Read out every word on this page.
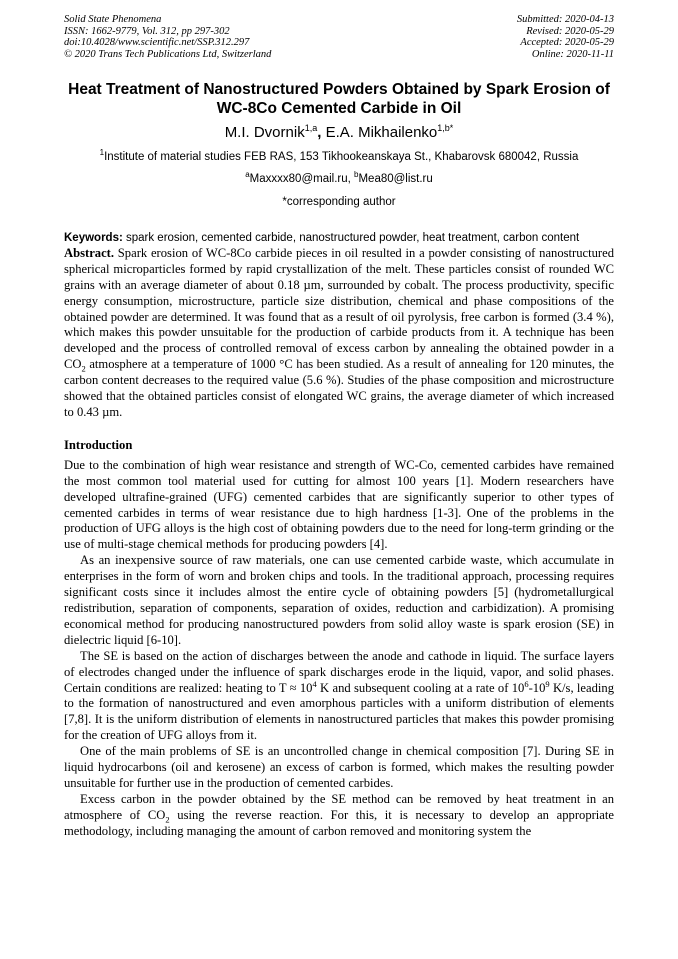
Solid State Phenomena
ISSN: 1662-9779, Vol. 312, pp 297-302
doi:10.4028/www.scientific.net/SSP.312.297
© 2020 Trans Tech Publications Ltd, Switzerland
Submitted: 2020-04-13
Revised: 2020-05-29
Accepted: 2020-05-29
Online: 2020-11-11
Heat Treatment of Nanostructured Powders Obtained by Spark Erosion of WC-8Co Cemented Carbide in Oil
M.I. Dvornik$^{1,a}$, E.A. Mikhailenko$^{1,b*}$
$^1$Institute of material studies FEB RAS, 153 Tikhookeanskaya St., Khabarovsk 680042, Russia
$^a$Maxxxx80@mail.ru, $^b$Mea80@list.ru
*corresponding author
Keywords: spark erosion, cemented carbide, nanostructured powder, heat treatment, carbon content

Abstract. Spark erosion of WC-8Co carbide pieces in oil resulted in a powder consisting of nanostructured spherical microparticles formed by rapid crystallization of the melt. These particles consist of rounded WC grains with an average diameter of about 0.18 µm, surrounded by cobalt. The process productivity, specific energy consumption, microstructure, particle size distribution, chemical and phase compositions of the obtained powder are determined. It was found that as a result of oil pyrolysis, free carbon is formed (3.4 %), which makes this powder unsuitable for the production of carbide products from it. A technique has been developed and the process of controlled removal of excess carbon by annealing the obtained powder in a $CO_2$ atmosphere at a temperature of 1000 °C has been studied. As a result of annealing for 120 minutes, the carbon content decreases to the required value (5.6 %). Studies of the phase composition and microstructure showed that the obtained particles consist of elongated WC grains, the average diameter of which increased to 0.43 µm.

Introduction

Due to the combination of high wear resistance and strength of WC-Co, cemented carbides have remained the most common tool material used for cutting for almost 100 years [1]. Modern researchers have developed ultrafine-grained (UFG) cemented carbides that are significantly superior to other types of cemented carbides in terms of wear resistance due to high hardness [1-3]. One of the problems in the production of UFG alloys is the high cost of obtaining powders due to the need for long-term grinding or the use of multi-stage chemical methods for producing powders [4].

As an inexpensive source of raw materials, one can use cemented carbide waste, which accumulate in enterprises in the form of worn and broken chips and tools. In the traditional approach, processing requires significant costs since it includes almost the entire cycle of obtaining powders [5] (hydrometallurgical redistribution, separation of components, separation of oxides, reduction and carbidization). A promising economical method for producing nanostructured powders from solid alloy waste is spark erosion (SE) in dielectric liquid [6-10].

The SE is based on the action of discharges between the anode and cathode in liquid. The surface layers of electrodes changed under the influence of spark discharges erode in the liquid, vapor, and solid phases. Certain conditions are realized: heating to $T \approx 10^4$ K and subsequent cooling at a rate of $10^6-10^9$ K/s, leading to the formation of nanostructured and even amorphous particles with a uniform distribution of elements [7,8]. It is the uniform distribution of elements in nanostructured particles that makes this powder promising for the creation of UFG alloys from it.

One of the main problems of SE is an uncontrolled change in chemical composition [7]. During SE in liquid hydrocarbons (oil and kerosene) an excess of carbon is formed, which makes the resulting powder unsuitable for further use in the production of cemented carbides.

Excess carbon in the powder obtained by the SE method can be removed by heat treatment in an atmosphere of $CO_2$ using the reverse reaction. For this, it is necessary to develop an appropriate methodology, including managing the amount of carbon removed and monitoring system the
